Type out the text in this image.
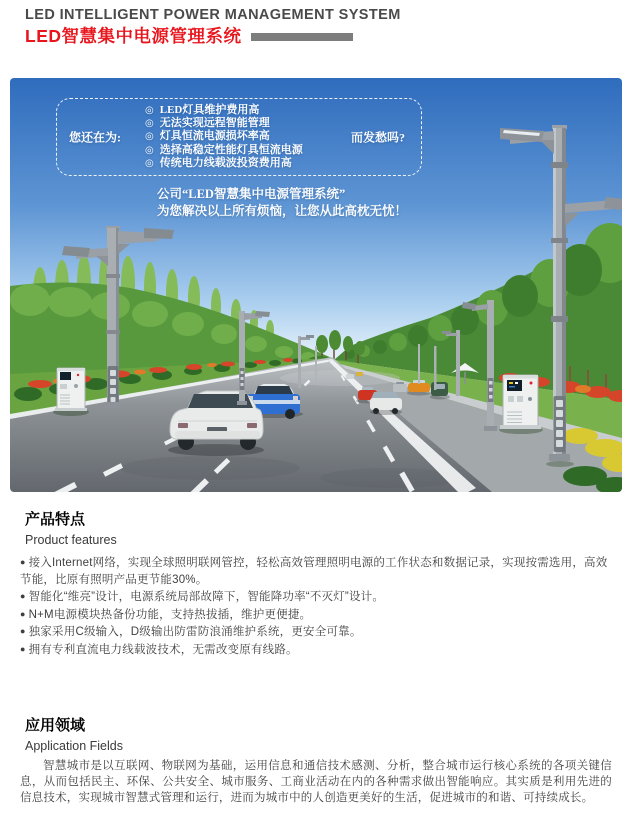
LED INTELLIGENT POWER MANAGEMENT SYSTEM
LED智慧集中电源管理系统
您还在为:
◎ LED灯具维护费用高
◎ 无法实现远程智能管理
◎ 灯具恒流电源损坏率高
◎ 选择高稳定性能灯具恒流电源
◎ 传统电力线载波投资费用高
而发愁吗?
公司“LED智慧集中电源管理系统”
为您解决以上所有烦恼，让您从此高枕无忧！
产品特点
Product features
● 接入Internet网络，实现全球照明联网管控，轻松高效管理照明电源的工作状态和数据记录，实现按需选用，高效节能，比原有照明产品更节能30%。
● 智能化“维亮”设计，电源系统局部故障下，智能降功率“不灭灯”设计。
● N+M电源模块热备份功能，支持热拔插，维护更便捷。
● 独家采用C级输入，D级输出防雷防浪涌维护系统，更安全可靠。
● 拥有专利直流电力线载波技术，无需改变原有线路。
应用领域
Application Fields

智慧城市是以互联网、物联网为基础，运用信息和通信技术感测、分析，整合城市运行核心系统的各项关键信息，从而包括民主、环保、公共安全、城市服务、工商业活动在内的各种需求做出智能响应。其实质是利用先进的信息技术，实现城市智慧式管理和运行，进而为城市中的人创造更美好的生活，促进城市的和谐、可持续成长。
